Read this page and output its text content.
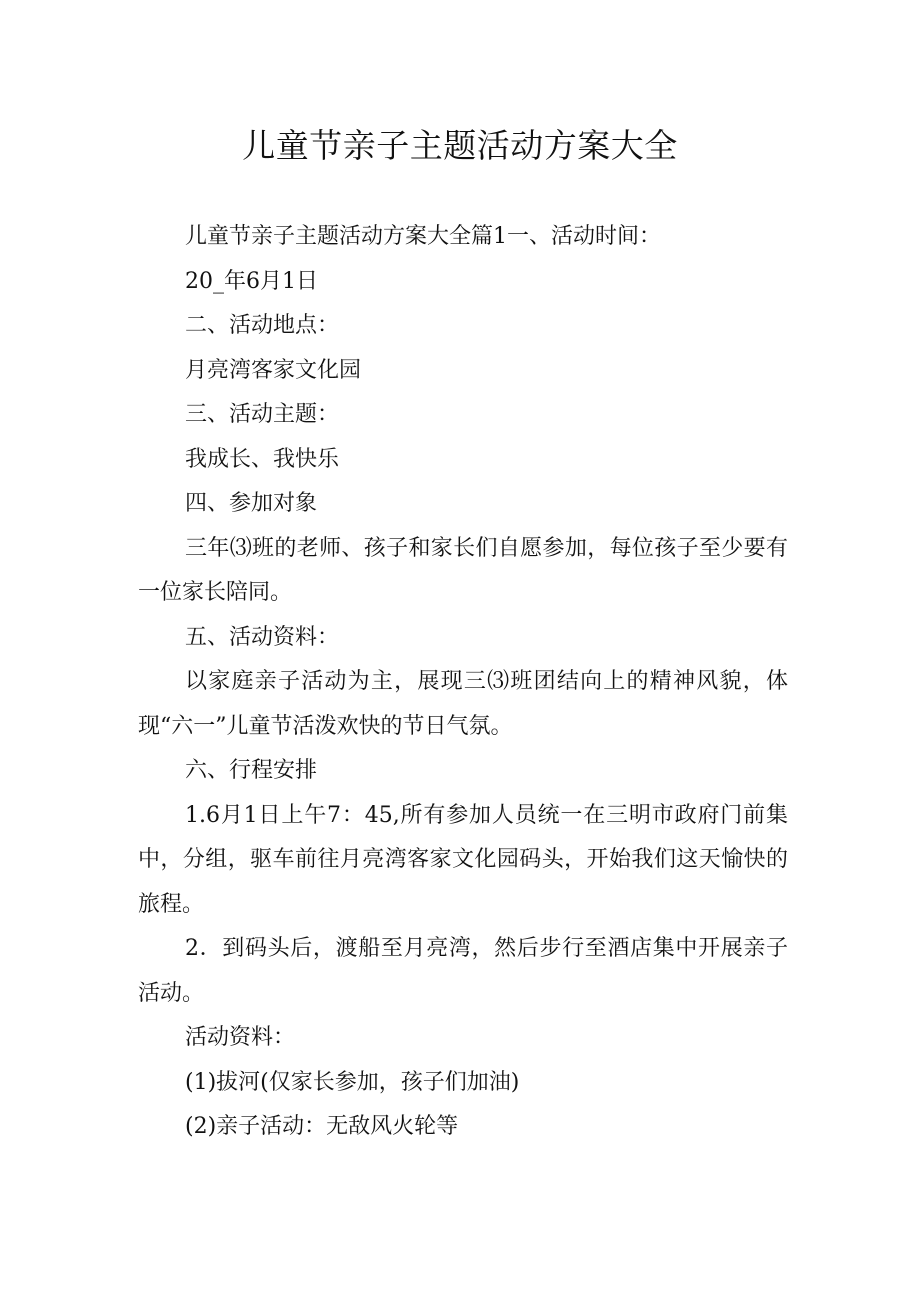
儿童节亲子主题活动方案大全

儿童节亲子主题活动方案大全篇1一、活动时间：

20_年6月1日

二、活动地点：

月亮湾客家文化园

三、活动主题：

我成长、我快乐

四、参加对象

三年⑶班的老师、孩子和家长们自愿参加，每位孩子至少要有一位家长陪同。

五、活动资料：

以家庭亲子活动为主，展现三⑶班团结向上的精神风貌，体现“六一”儿童节活泼欢快的节日气氛。

六、行程安排

1.6月1日上午7：45,所有参加人员统一在三明市政府门前集中，分组，驱车前往月亮湾客家文化园码头，开始我们这天愉快的旅程。

2．到码头后，渡船至月亮湾，然后步行至酒店集中开展亲子活动。

活动资料：

(1)拔河(仅家长参加，孩子们加油)

(2)亲子活动：无敌风火轮等
